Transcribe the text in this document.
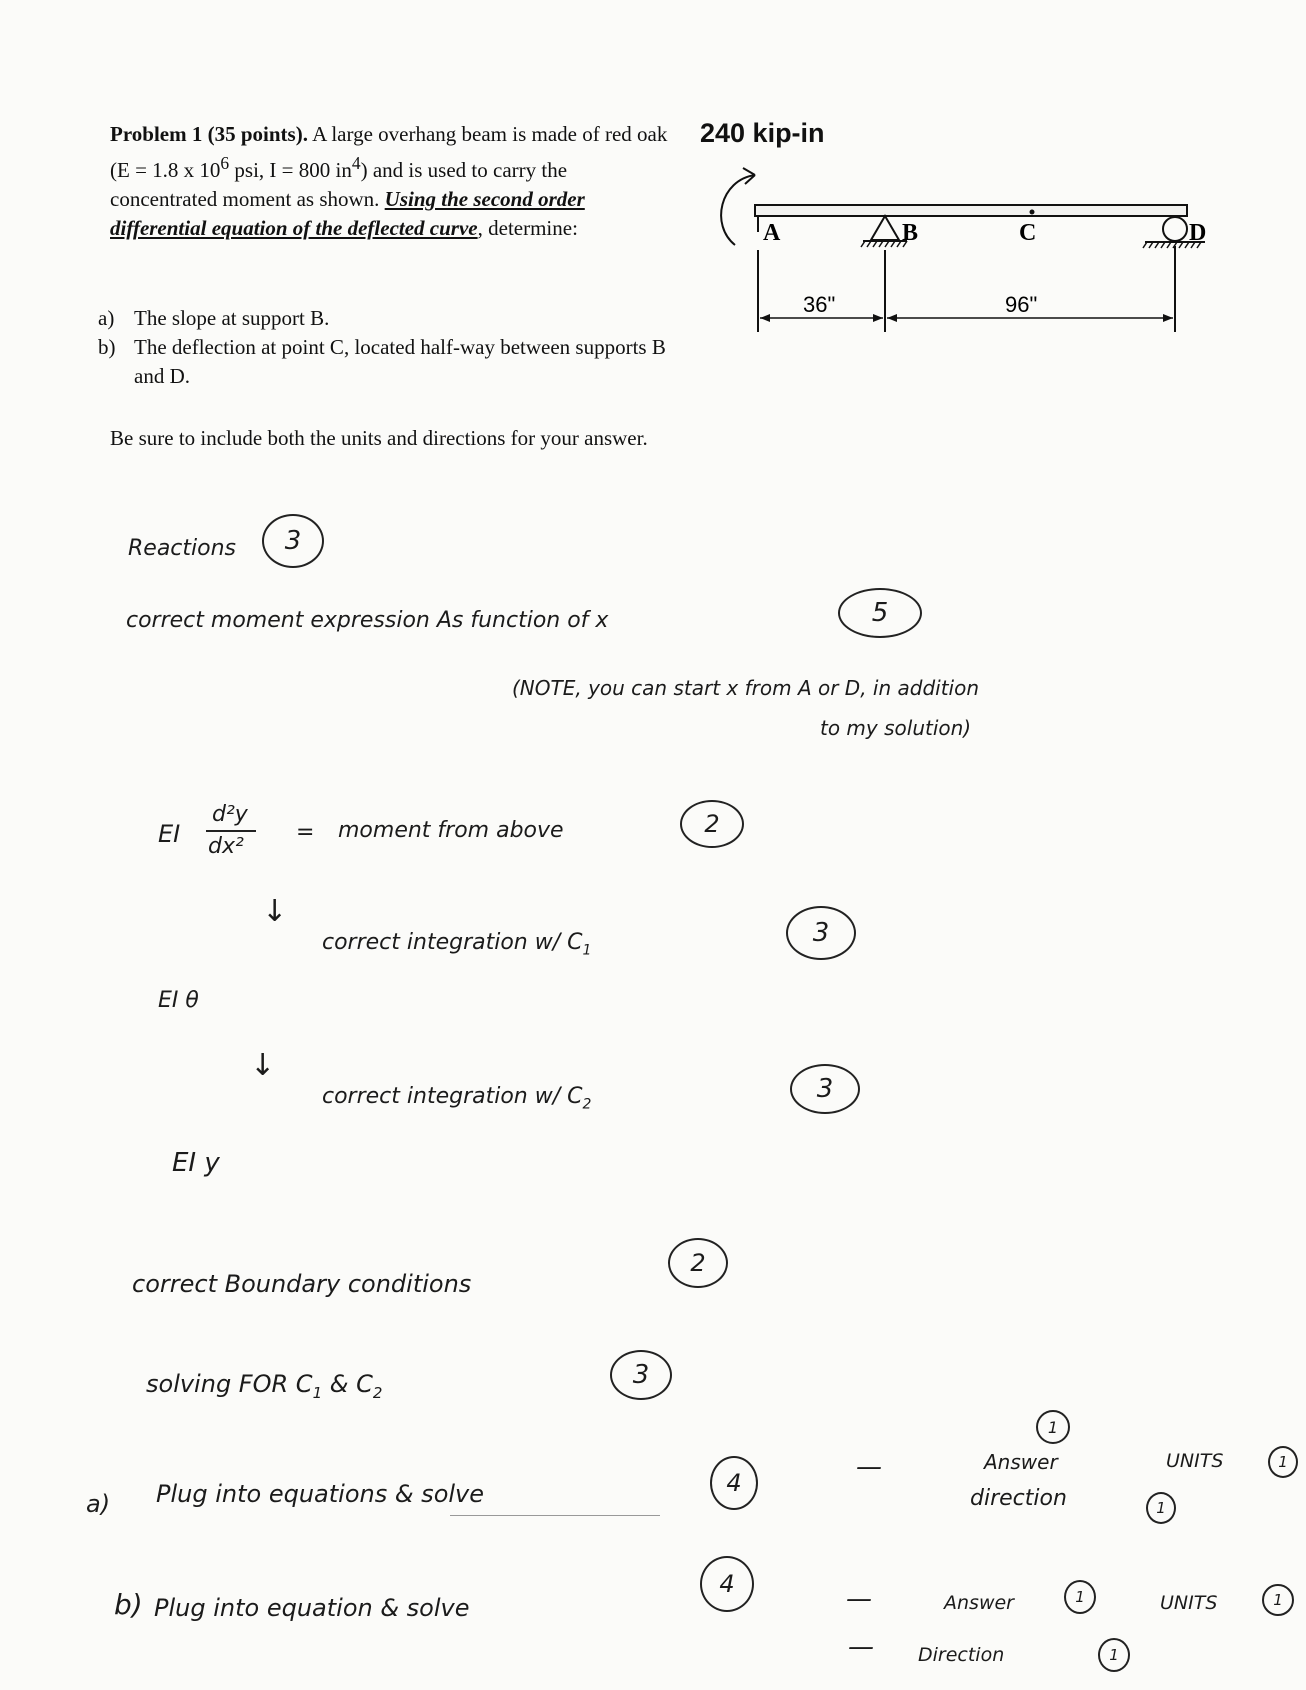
Problem 1 (35 points). A large overhang beam is made of red oak (E = 1.8 x $10^6$ psi, I = 800 $in^4$) and is used to carry the concentrated moment as shown. Using the second order differential equation of the deflected curve, determine:
a) The slope at support B.
b) The deflection at point C, located half-way between supports B and D.
Be sure to include both the units and directions for your answer.
240 kip-in
A	B	C	D
36"	96"
Reactions	3
correct moment expression As function of x	5
(NOTE, you can start x from A or D, in addition
to my solution)
EI
d²y
dx²
= moment from above	2
↓
correct integration w/ $C_1$
3
EI θ
↓
correct integration w/ $C_2$
3
EI y
correct Boundary conditions
2
solving FOR $C_1$ & $C_2$
3
a) Plug into equations & solve	4
—
1
Answer	UNITS	1
direction	1
b) Plug into equation & solve
4	—	Answer	1	UNITS	1
— Direction	1
